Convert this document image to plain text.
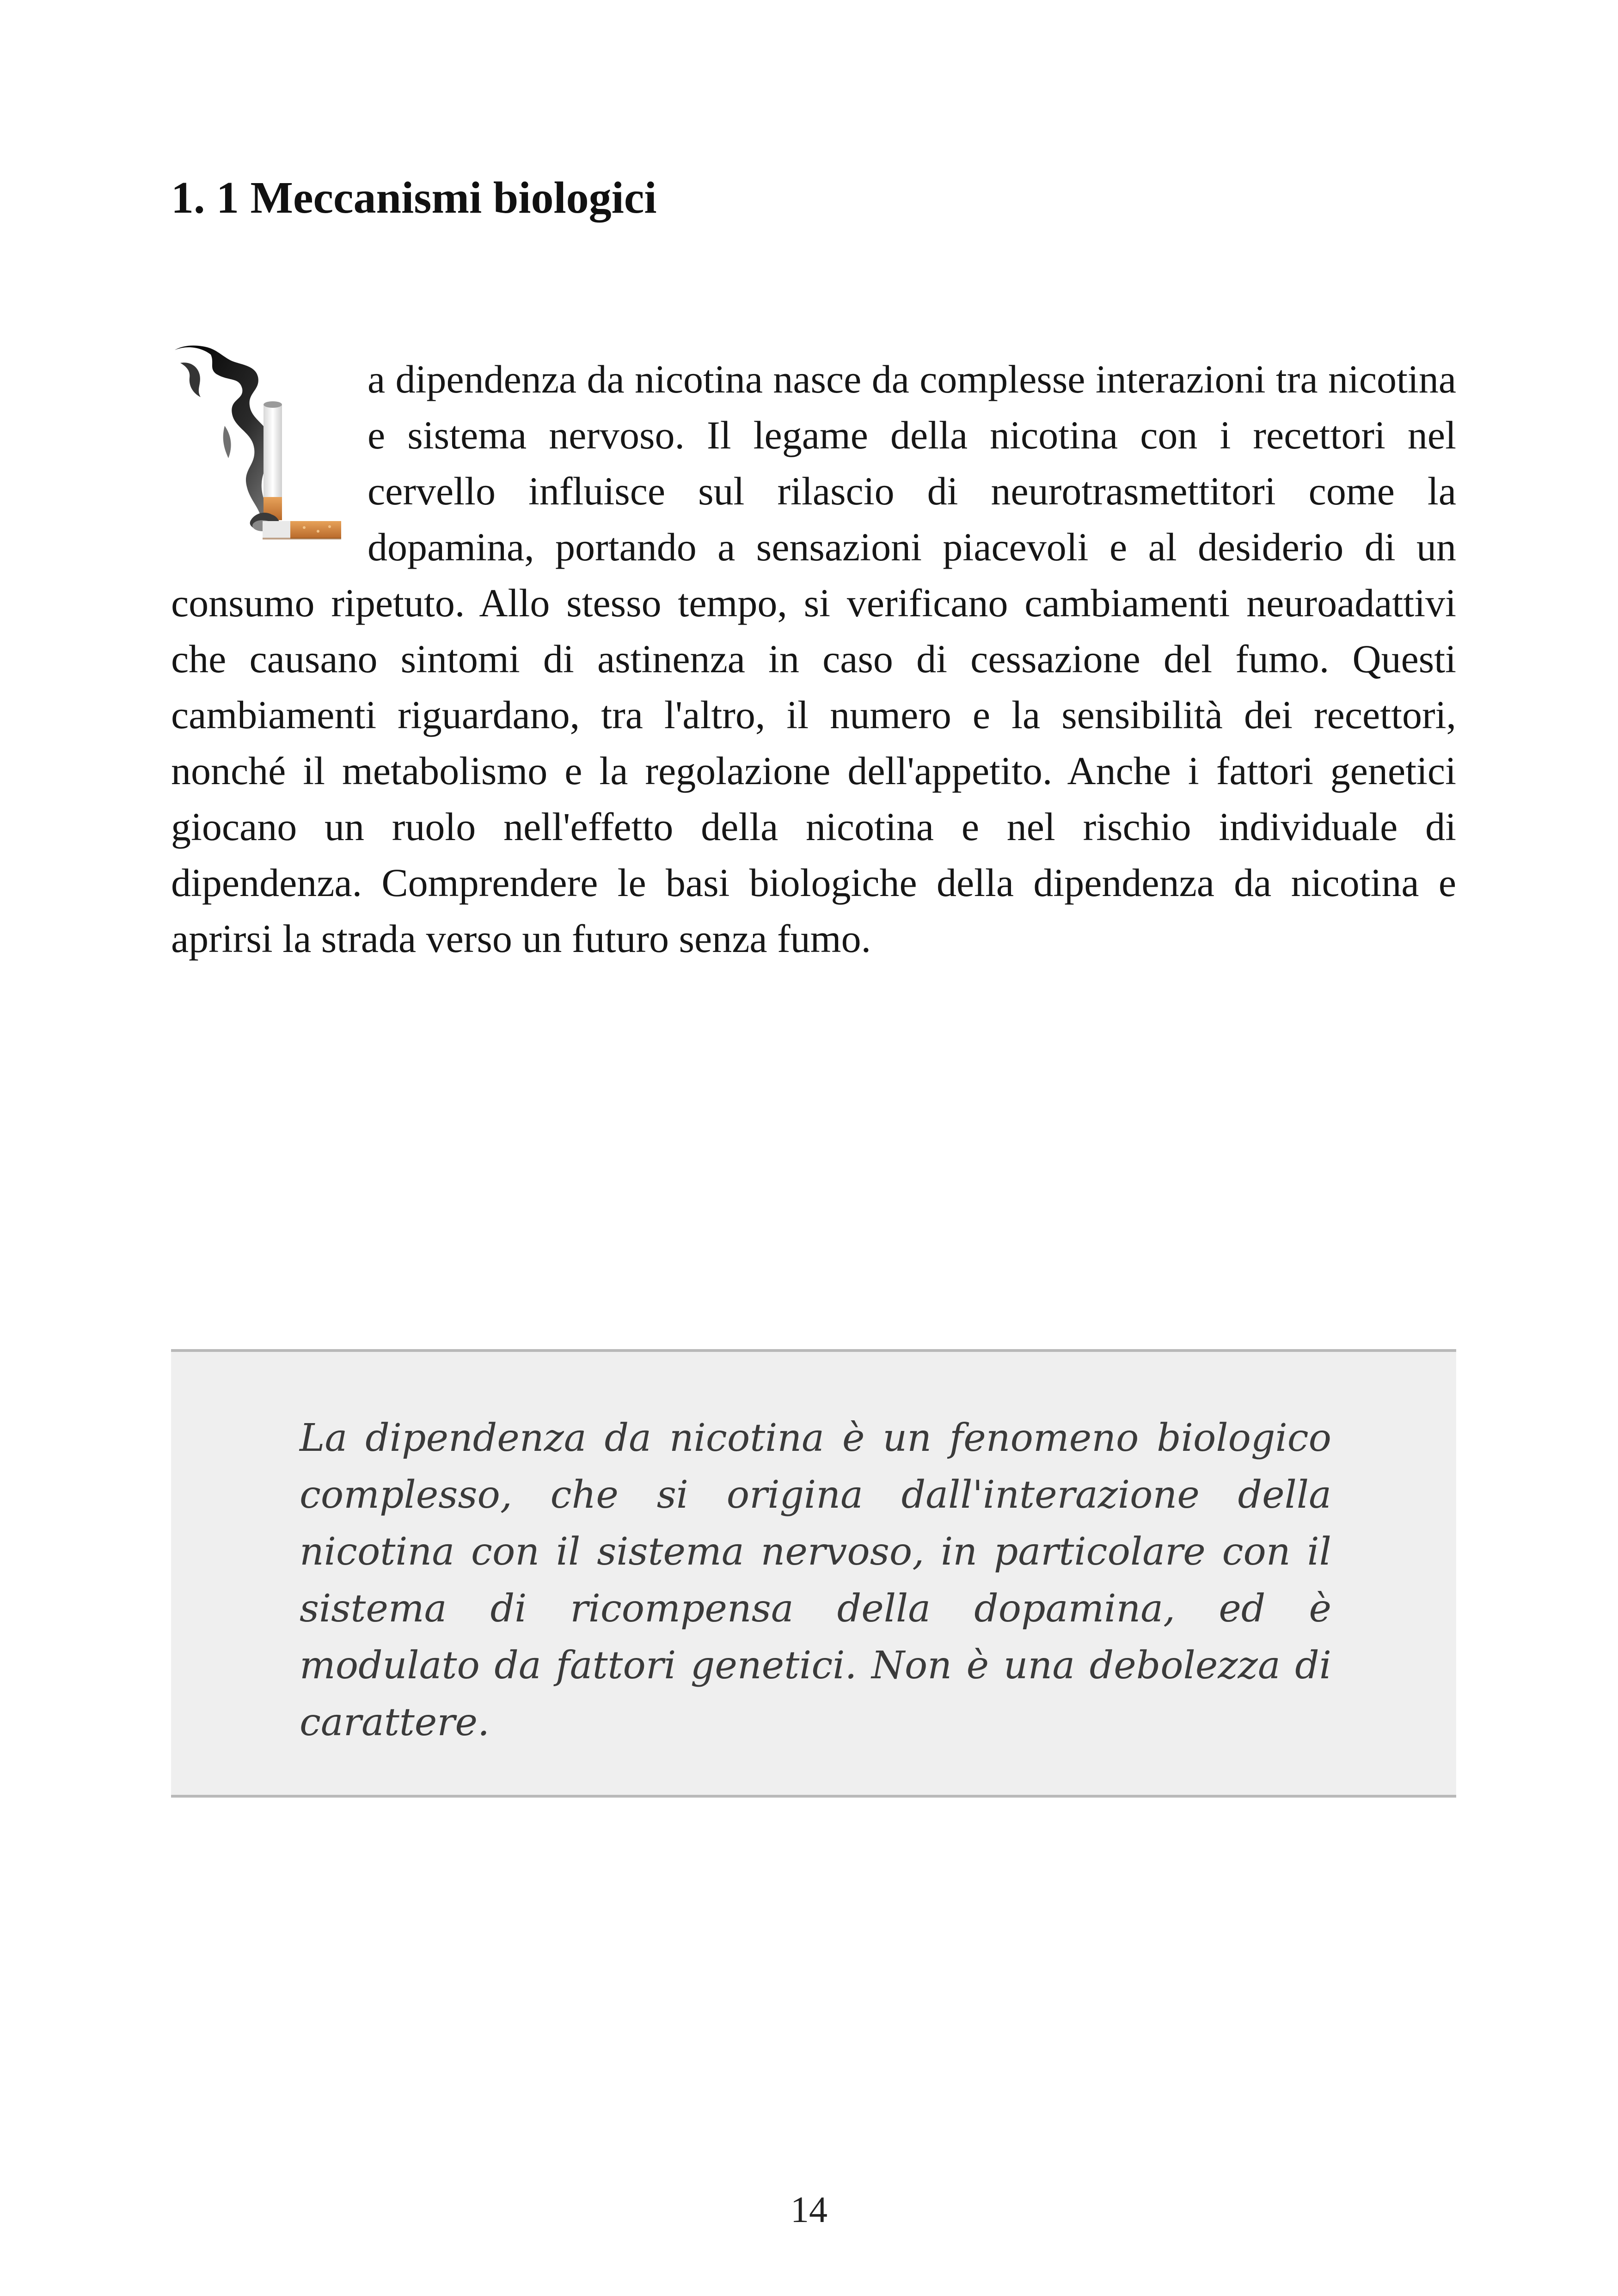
1. 1 Meccanismi biologici

a dipendenza da nicotina nasce da complesse interazioni tra nicotina e sistema nervoso. Il legame della nicotina con i recettori nel cervello influisce sul rilascio di neurotrasmettitori come la dopamina, portando a sensazioni piacevoli e al desiderio di un consumo ripetuto. Allo stesso tempo, si verificano cambiamenti neuroadattivi che causano sintomi di astinenza in caso di cessazione del fumo. Questi cambiamenti riguardano, tra l'altro, il numero e la sensibilità dei recettori, nonché il metabolismo e la regolazione dell'appetito. Anche i fattori genetici giocano un ruolo nell'effetto della nicotina e nel rischio individuale di dipendenza. Comprendere le basi biologiche della dipendenza da nicotina e aprirsi la strada verso un futuro senza fumo.

La dipendenza da nicotina è un fenomeno biologico complesso, che si origina dall'interazione della nicotina con il sistema nervoso, in particolare con il sistema di ricompensa della dopamina, ed è modulato da fattori genetici. Non è una debolezza di carattere.

14
